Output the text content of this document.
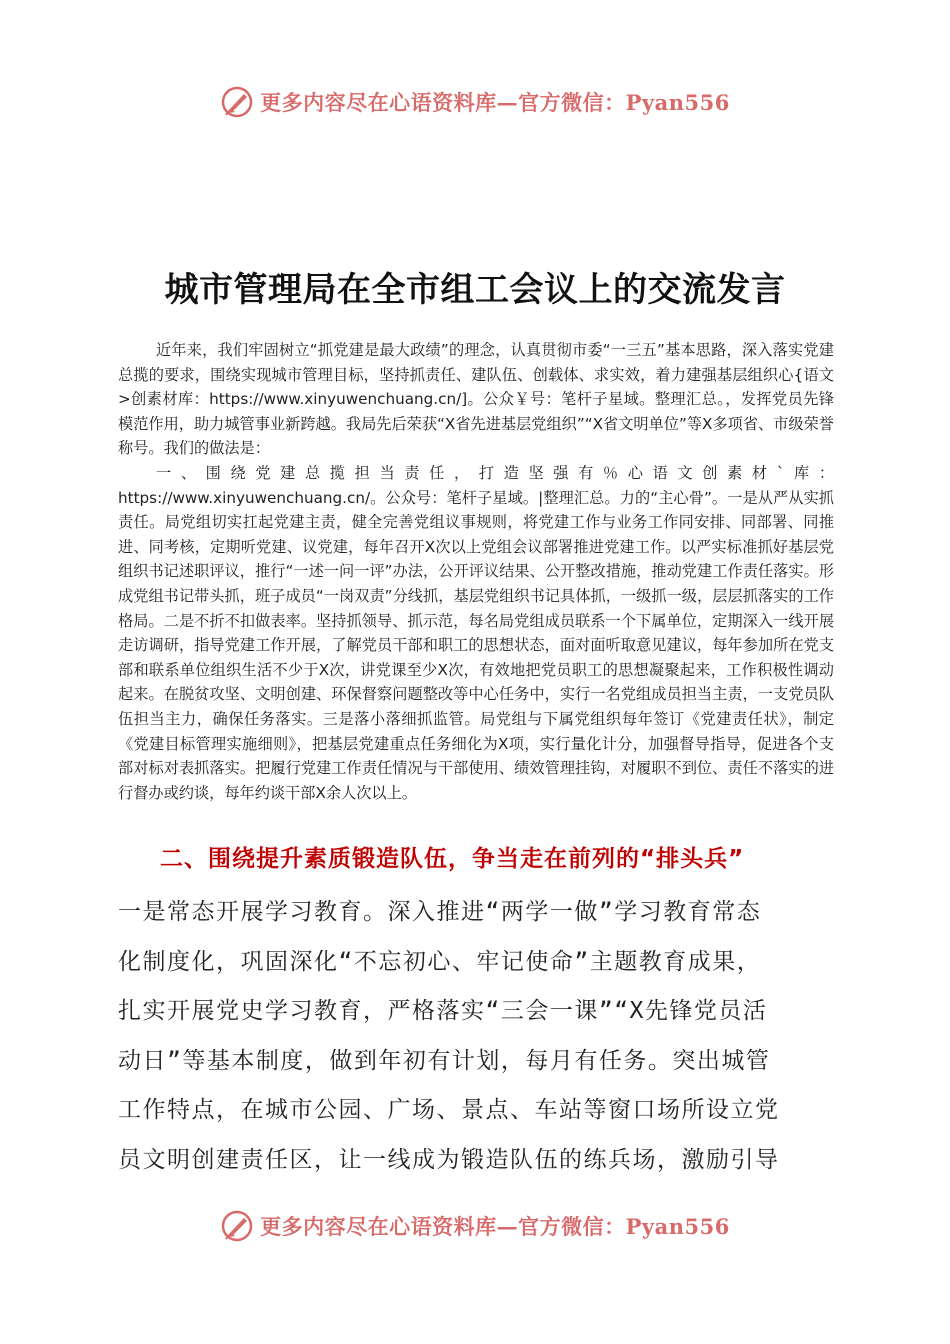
更多内容尽在心语资料库—官方微信：Pyan556
城市管理局在全市组工会议上的交流发言

近年来，我们牢固树立“抓党建是最大政绩”的理念，认真贯彻市委“一三五”基本思路，深入落实党建总揽的要求，围绕实现城市管理目标，坚持抓责任、建队伍、创载体、求实效，着力建强基层组织心{语文>创素材库：https://www.xinyuwenchuang.cn/]。公众￥号：笔杆子星域。整理汇总。，发挥党员先锋模范作用，助力城管事业新跨越。我局先后荣获“X省先进基层党组织”“X省文明单位”等X多项省、市级荣誉称号。我们的做法是：

一、围绕党建总揽担当责任，打造坚强有％心语文创素材`库：https://www.xinyuwenchuang.cn/。公众号：笔杆子星域。|整理汇总。力的“主心骨”。一是从严从实抓责任。局党组切实扛起党建主责，健全完善党组议事规则，将党建工作与业务工作同安排、同部署、同推进、同考核，定期听党建、议党建，每年召开X次以上党组会议部署推进党建工作。以严实标准抓好基层党组织书记述职评议，推行“一述一问一评”办法，公开评议结果、公开整改措施，推动党建工作责任落实。形成党组书记带头抓，班子成员“一岗双责”分线抓，基层党组织书记具体抓，一级抓一级，层层抓落实的工作格局。二是不折不扣做表率。坚持抓领导、抓示范，每名局党组成员联系一个下属单位，定期深入一线开展走访调研，指导党建工作开展，了解党员干部和职工的思想状态，面对面听取意见建议，每年参加所在党支部和联系单位组织生活不少于X次，讲党课至少X次，有效地把党员职工的思想凝聚起来，工作积极性调动起来。在脱贫攻坚、文明创建、环保督察问题整改等中心任务中，实行一名党组成员担当主责，一支党员队伍担当主力，确保任务落实。三是落小落细抓监管。局党组与下属党组织每年签订《党建责任状》，制定《党建目标管理实施细则》，把基层党建重点任务细化为X项，实行量化计分，加强督导指导，促进各个支部对标对表抓落实。把履行党建工作责任情况与干部使用、绩效管理挂钩，对履职不到位、责任不落实的进行督办或约谈，每年约谈干部X余人次以上。

二、围绕提升素质锻造队伍，争当走在前列的“排头兵”

一是常态开展学习教育。深入推进“两学一做”学习教育常态

化制度化，巩固深化“不忘初心、牢记使命”主题教育成果，

扎实开展党史学习教育，严格落实“三会一课”“X先锋党员活

动日”等基本制度，做到年初有计划，每月有任务。突出城管

工作特点，在城市公园、广场、景点、车站等窗口场所设立党

员文明创建责任区，让一线成为锻造队伍的练兵场，激励引导

更多内容尽在心语资料库—官方微信：Pyan556
